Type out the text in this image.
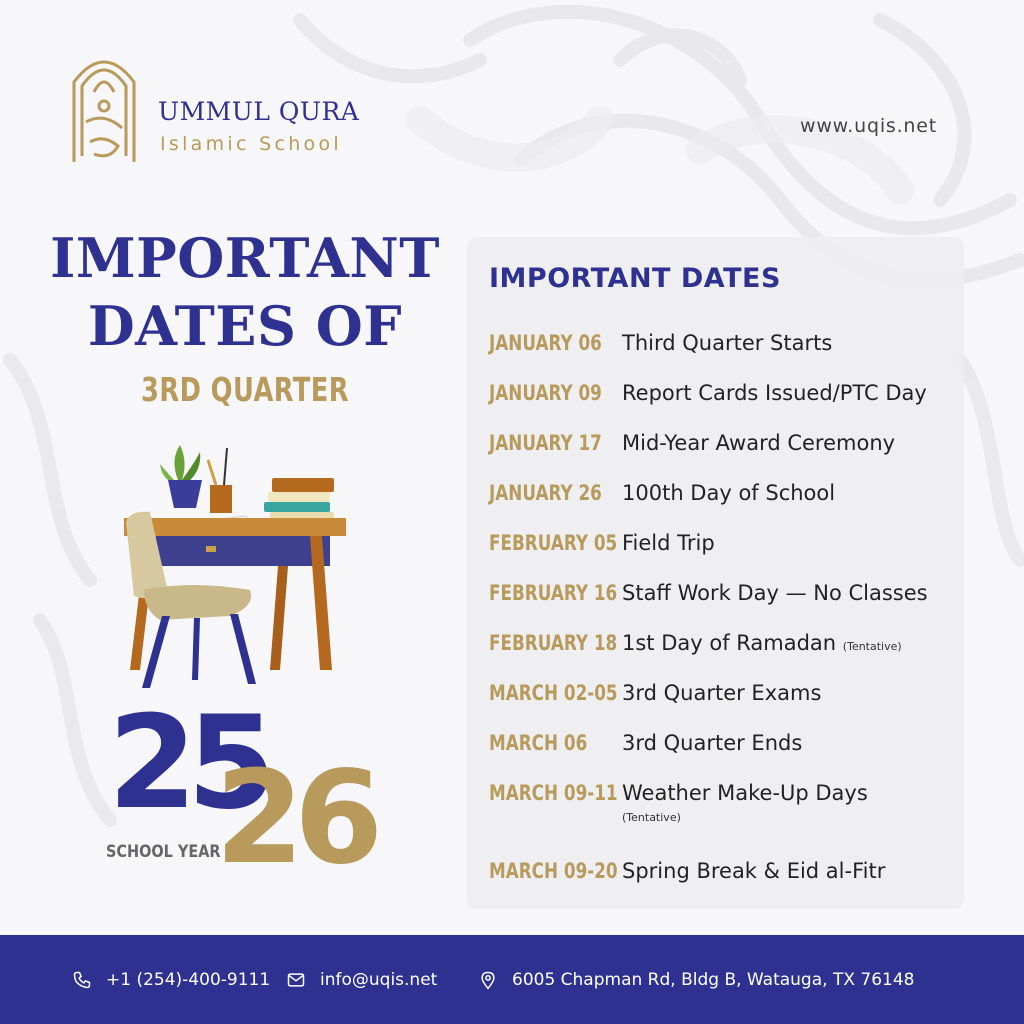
UMMUL QURA
Islamic School
www.uqis.net
IMPORTANT
DATES OF
3RD QUARTER
25
26
SCHOOL YEAR
IMPORTANT DATES
JANUARY 06 Third Quarter Starts
JANUARY 09 Report Cards Issued/PTC Day
JANUARY 17 Mid-Year Award Ceremony
JANUARY 26 100th Day of School
FEBRUARY 05 Field Trip
FEBRUARY 16 Staff Work Day — No Classes
FEBRUARY 18 1st Day of Ramadan (Tentative)
MARCH 02-05 3rd Quarter Exams
MARCH 06 3rd Quarter Ends
MARCH 09-11 Weather Make-Up Days
(Tentative)
MARCH 09-20 Spring Break & Eid al-Fitr
+1 (254)-400-9111	info@uqis.net	6005 Chapman Rd, Bldg B, Watauga, TX 76148
